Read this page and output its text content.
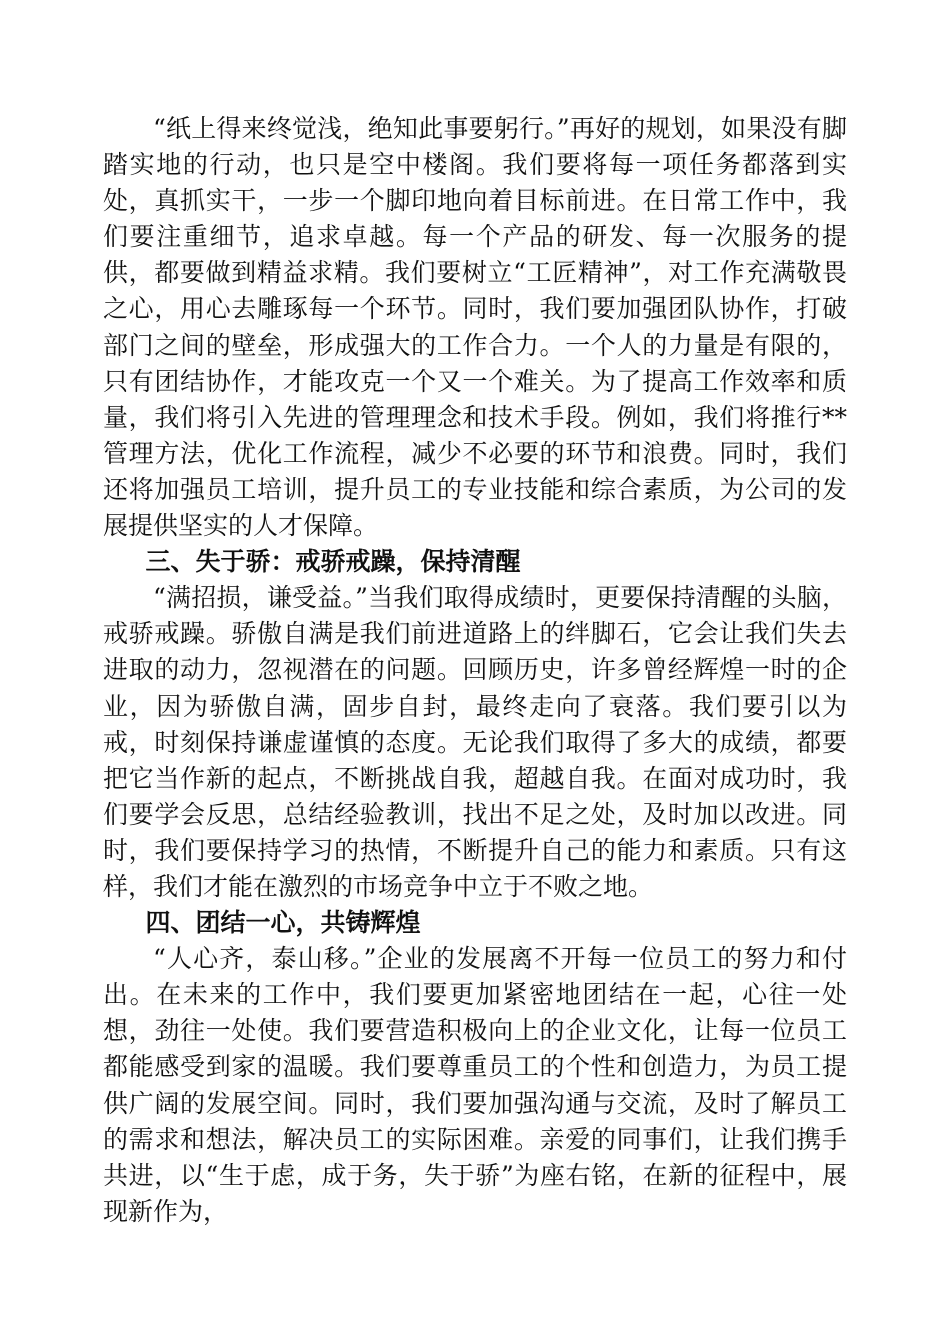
“纸上得来终觉浅，绝知此事要躬行。”再好的规划，如果没有脚踏实地的行动，也只是空中楼阁。我们要将每一项任务都落到实处，真抓实干，一步一个脚印地向着目标前进。在日常工作中，我们要注重细节，追求卓越。每一个产品的研发、每一次服务的提供，都要做到精益求精。我们要树立“工匠精神”，对工作充满敬畏之心，用心去雕琢每一个环节。同时，我们要加强团队协作，打破部门之间的壁垒，形成强大的工作合力。一个人的力量是有限的，只有团结协作，才能攻克一个又一个难关。为了提高工作效率和质量，我们将引入先进的管理理念和技术手段。例如，我们将推行**管理方法，优化工作流程，减少不必要的环节和浪费。同时，我们还将加强员工培训，提升员工的专业技能和综合素质，为公司的发展提供坚实的人才保障。

三、失于骄：戒骄戒躁，保持清醒

“满招损，谦受益。”当我们取得成绩时，更要保持清醒的头脑，戒骄戒躁。骄傲自满是我们前进道路上的绊脚石，它会让我们失去进取的动力，忽视潜在的问题。回顾历史，许多曾经辉煌一时的企业，因为骄傲自满，固步自封，最终走向了衰落。我们要引以为戒，时刻保持谦虚谨慎的态度。无论我们取得了多大的成绩，都要把它当作新的起点，不断挑战自我，超越自我。在面对成功时，我们要学会反思，总结经验教训，找出不足之处，及时加以改进。同时，我们要保持学习的热情，不断提升自己的能力和素质。只有这样，我们才能在激烈的市场竞争中立于不败之地。

四、团结一心，共铸辉煌

“人心齐，泰山移。”企业的发展离不开每一位员工的努力和付出。在未来的工作中，我们要更加紧密地团结在一起，心往一处想，劲往一处使。我们要营造积极向上的企业文化，让每一位员工都能感受到家的温暖。我们要尊重员工的个性和创造力，为员工提供广阔的发展空间。同时，我们要加强沟通与交流，及时了解员工的需求和想法，解决员工的实际困难。亲爱的同事们，让我们携手共进，以“生于虑，成于务，失于骄”为座右铭，在新的征程中，展现新作为，
